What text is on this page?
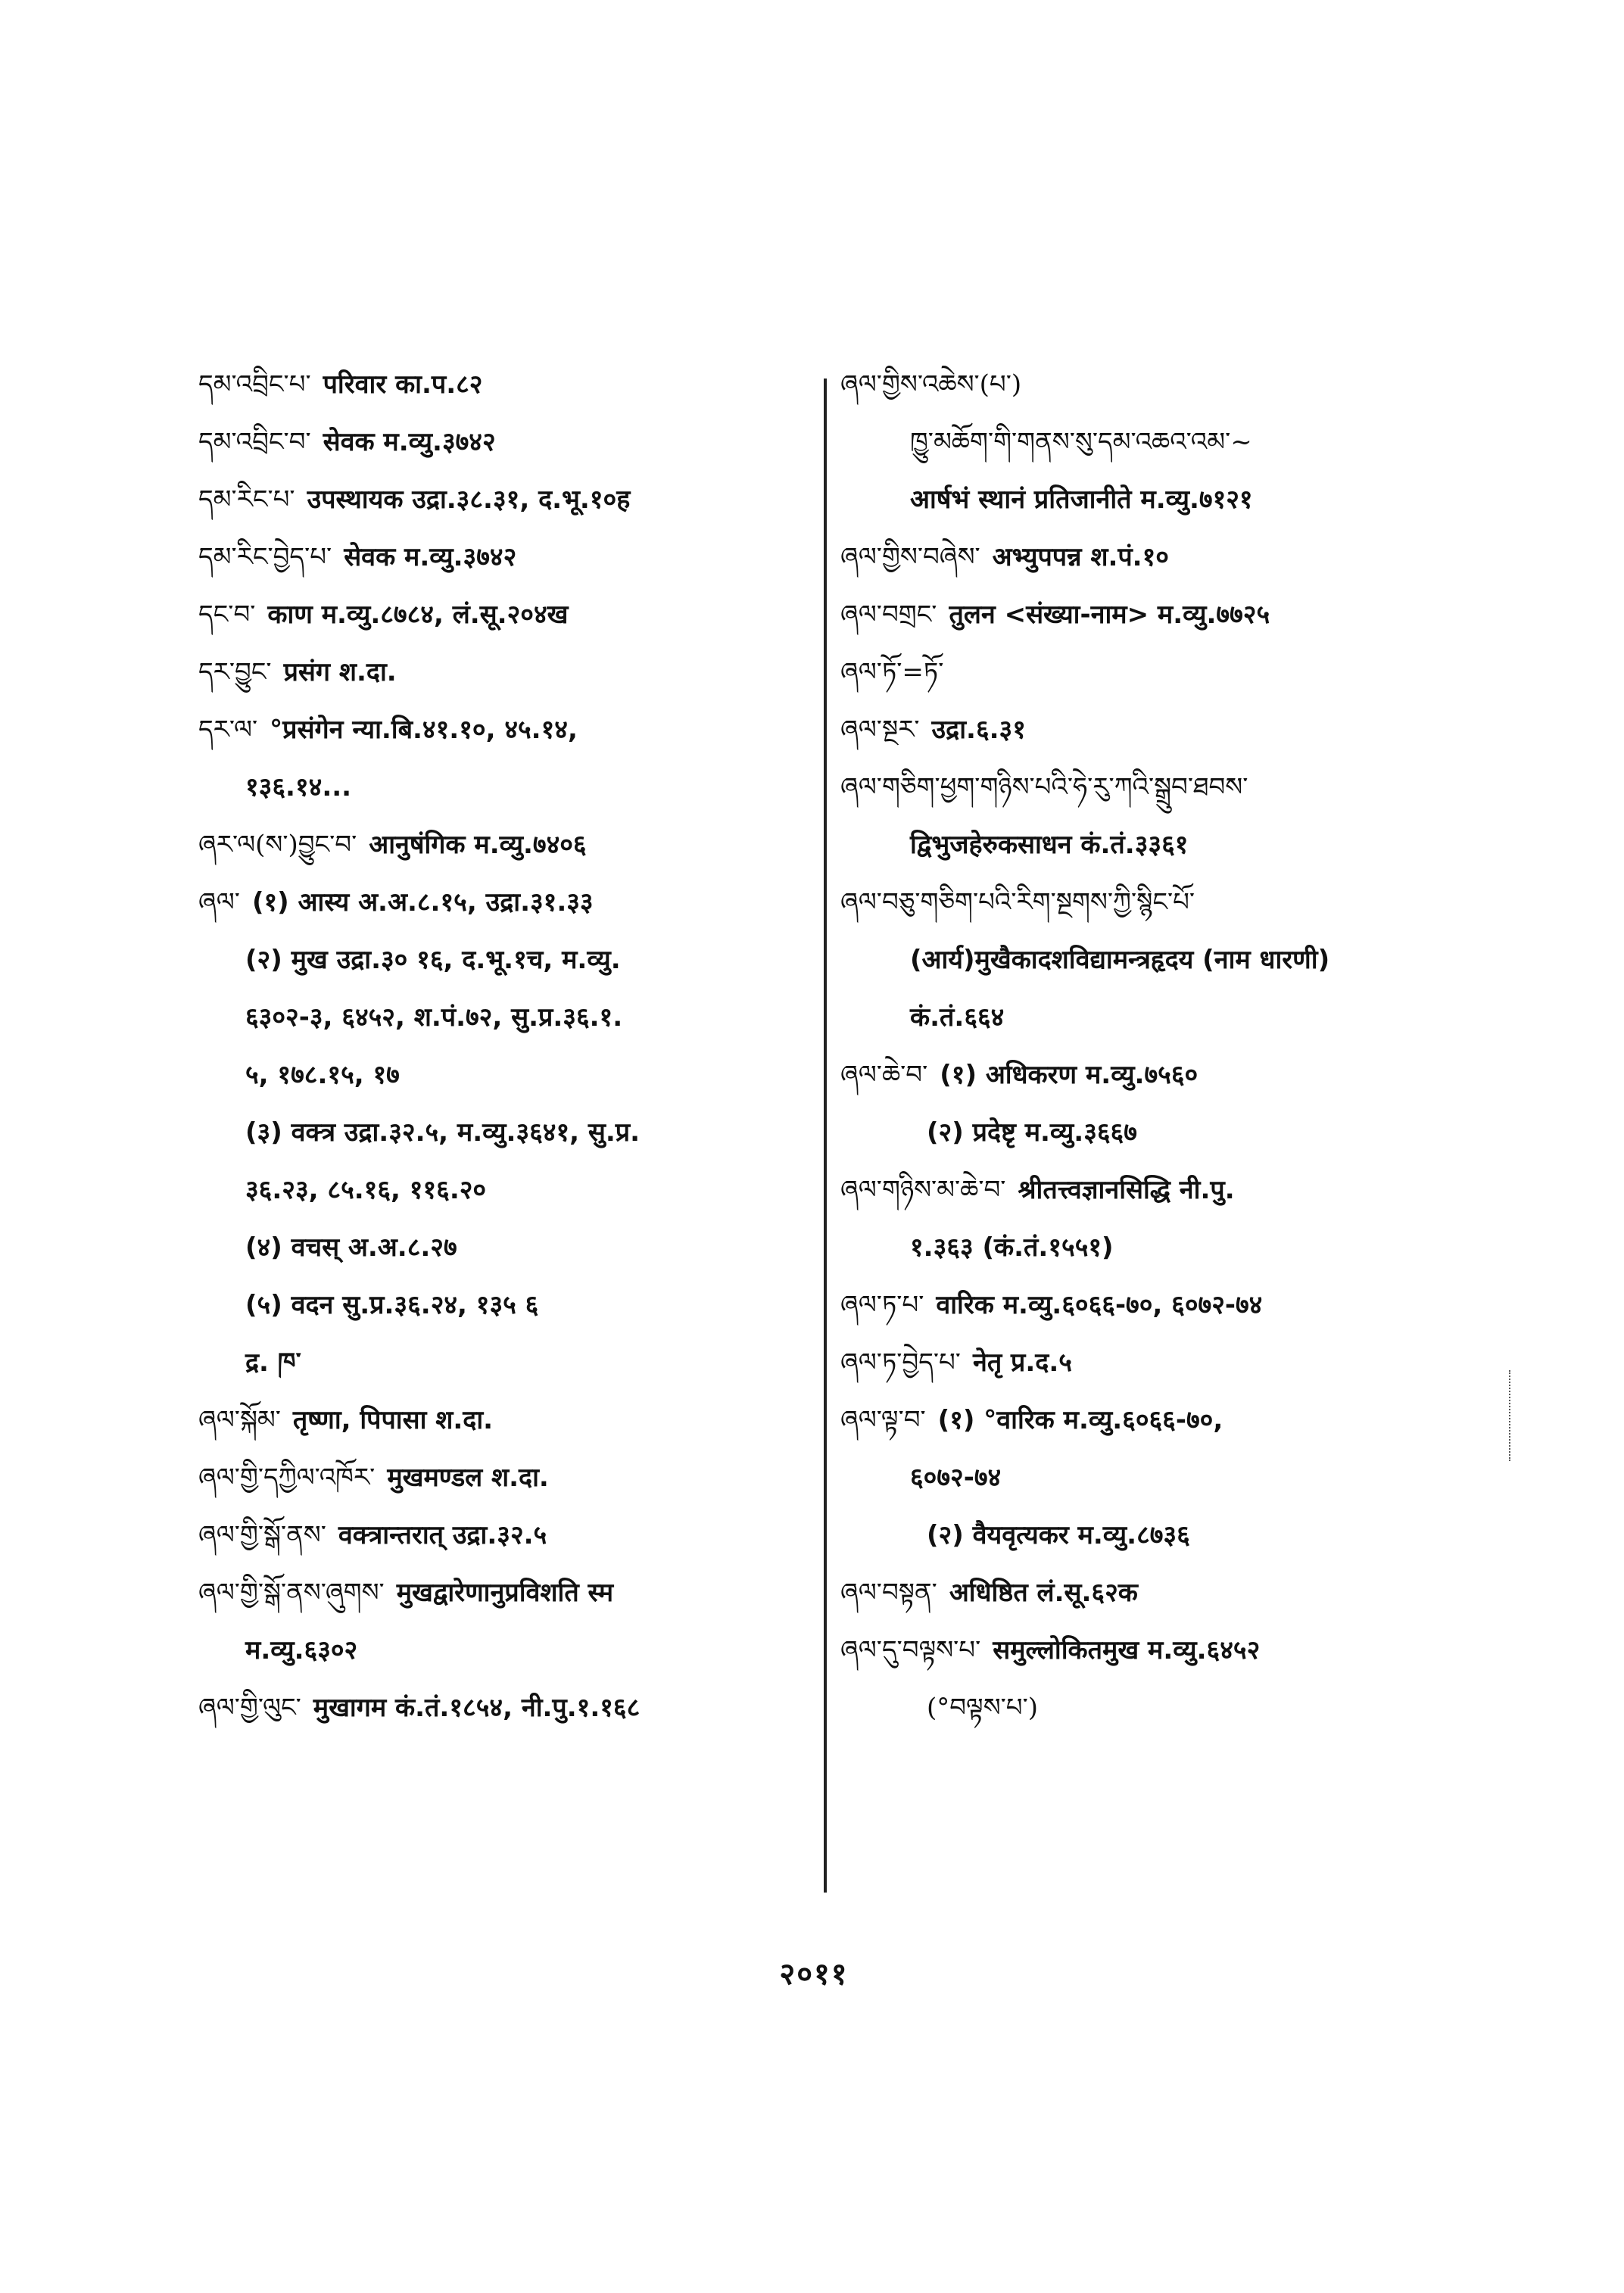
དམ་འབྲིང་པ་ परिवार का.प.८२
དམ་འབྲིང་བ་ सेवक म.व्यु.३७४२
དམ་རིང་པ་ उपस्थायक उद्रा.३८.३१, द.भू.१०ह
དམ་རིང་བྱེད་པ་ सेवक म.व्यु.३७४२
དང་བ་ काण म.व्यु.८७८४, लं.सू.२०४ख
དར་བྱུང་ प्रसंग श.दा.
དར་ལ་ °प्रसंगेन न्या.बि.४१.१०, ४५.१४,
१३६.१४...
ཞར་ལ(ས་)བྱུང་བ་ आनुषंगिक म.व्यु.७४०६
ཞལ་ (१) आस्य अ.अ.८.१५, उद्रा.३१.३३
(२) मुख उद्रा.३० १६, द.भू.१च, म.व्यु.
६३०२-३, ६४५२, श.पं.७२, सु.प्र.३६.१.
५, १७८.१५, १७
(३) वक्त्र उद्रा.३२.५, म.व्यु.३६४१, सु.प्र.
३६.२३, ८५.१६, ११६.२०
(४) वचस् अ.अ.८.२७
(५) वदन सु.प्र.३६.२४, १३५ ६
द्र. ཁ་
ཞལ་སྐོམ་ तृष्णा, पिपासा श.दा.
ཞལ་གྱི་དཀྱིལ་འཁོར་ मुखमण्डल श.दा.
ཞལ་གྱི་སྒོ་ནས་ वक्त्रान्तरात् उद्रा.३२.५
ཞལ་གྱི་སྒོ་ནས་ཞུགས་ मुखद्वारेणानुप्रविशति स्म
म.व्यु.६३०२
ཞལ་གྱི་ལུང་ मुखागम कं.तं.१८५४, नी.पु.१.१६८
ཞལ་གྱིས་འཆེས་(པ་)
ཁྱུ་མཆོག་གི་གནས་སུ་དམ་འཆའ་འམ་~
आर्षभं स्थानं प्रतिजानीते म.व्यु.७१२१
ཞལ་གྱིས་བཞེས་ अभ्युपपन्न श.पं.१०
ཞལ་བགྲང་ तुलन <संख्या-नाम> म.व्यु.७७२५
ཞལ་ཏོ་=ཏོ་
ཞལ་སྔར་ उद्रा.६.३१
ཞལ་གཅིག་ཕྱག་གཉིས་པའི་ཧེ་རུ་ཀའི་སྒྲུབ་ཐབས་
द्विभुजहेरुकसाधन कं.तं.३३६१
ཞལ་བཅུ་གཅིག་པའི་རིག་སྔགས་ཀྱི་སྙིང་པོ་
(आर्य)मुखैकादशविद्यामन्त्रहृदय (नाम धारणी)
कं.तं.६६४
ཞལ་ཆེ་བ་ (१) अधिकरण म.व्यु.७५६०
(२) प्रदेष्टृ म.व्यु.३६६७
ཞལ་གཉིས་མ་ཆེ་བ་ श्रीतत्त्वज्ञानसिद्धि नी.पु.
१.३६३ (कं.तं.१५५१)
ཞལ་ཏ་པ་ वारिक म.व्यु.६०६६-७०, ६०७२-७४
ཞལ་ཏ་བྱེད་པ་ नेतृ प्र.द.५
ཞལ་ལྟ་བ་ (१) °वारिक म.व्यु.६०६६-७०,
६०७२-७४
(२) वैयवृत्यकर म.व्यु.८७३६
ཞལ་བསྟན་ अधिष्ठित लं.सू.६२क
ཞལ་དུ་བལྟས་པ་ समुल्लोकितमुख म.व्यु.६४५२
(°བལྟས་པ་)
२०११
